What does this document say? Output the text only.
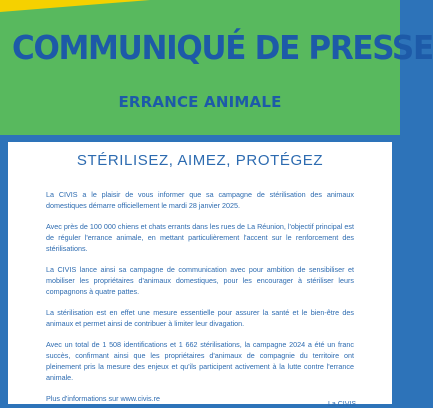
COMMUNIQUÉ DE PRESSE
ERRANCE ANIMALE
STÉRILISEZ, AIMEZ, PROTÉGEZ

La CIVIS a le plaisir de vous informer que sa campagne de stérilisation des animaux domestiques démarre officiellement le mardi 28 janvier 2025.

Avec près de 100 000 chiens et chats errants dans les rues de La Réunion, l'objectif principal est de réguler l'errance animale, en mettant particulièrement l'accent sur le renforcement des stérilisations.

La CIVIS lance ainsi sa campagne de communication avec pour ambition de sensibiliser et mobiliser les propriétaires d'animaux domestiques, pour les encourager à stériliser leurs compagnons à quatre pattes.

La stérilisation est en effet une mesure essentielle pour assurer la santé et le bien-être des animaux et permet ainsi de contribuer à limiter leur divagation.

Avec un total de 1 508 identifications et 1 662 stérilisations, la campagne 2024 a été un franc succès, confirmant ainsi que les propriétaires d'animaux de compagnie du territoire ont pleinement pris la mesure des enjeux et qu'ils participent activement à la lutte contre l'errance animale.

Plus d'informations sur www.civis.re

La CIVIS
